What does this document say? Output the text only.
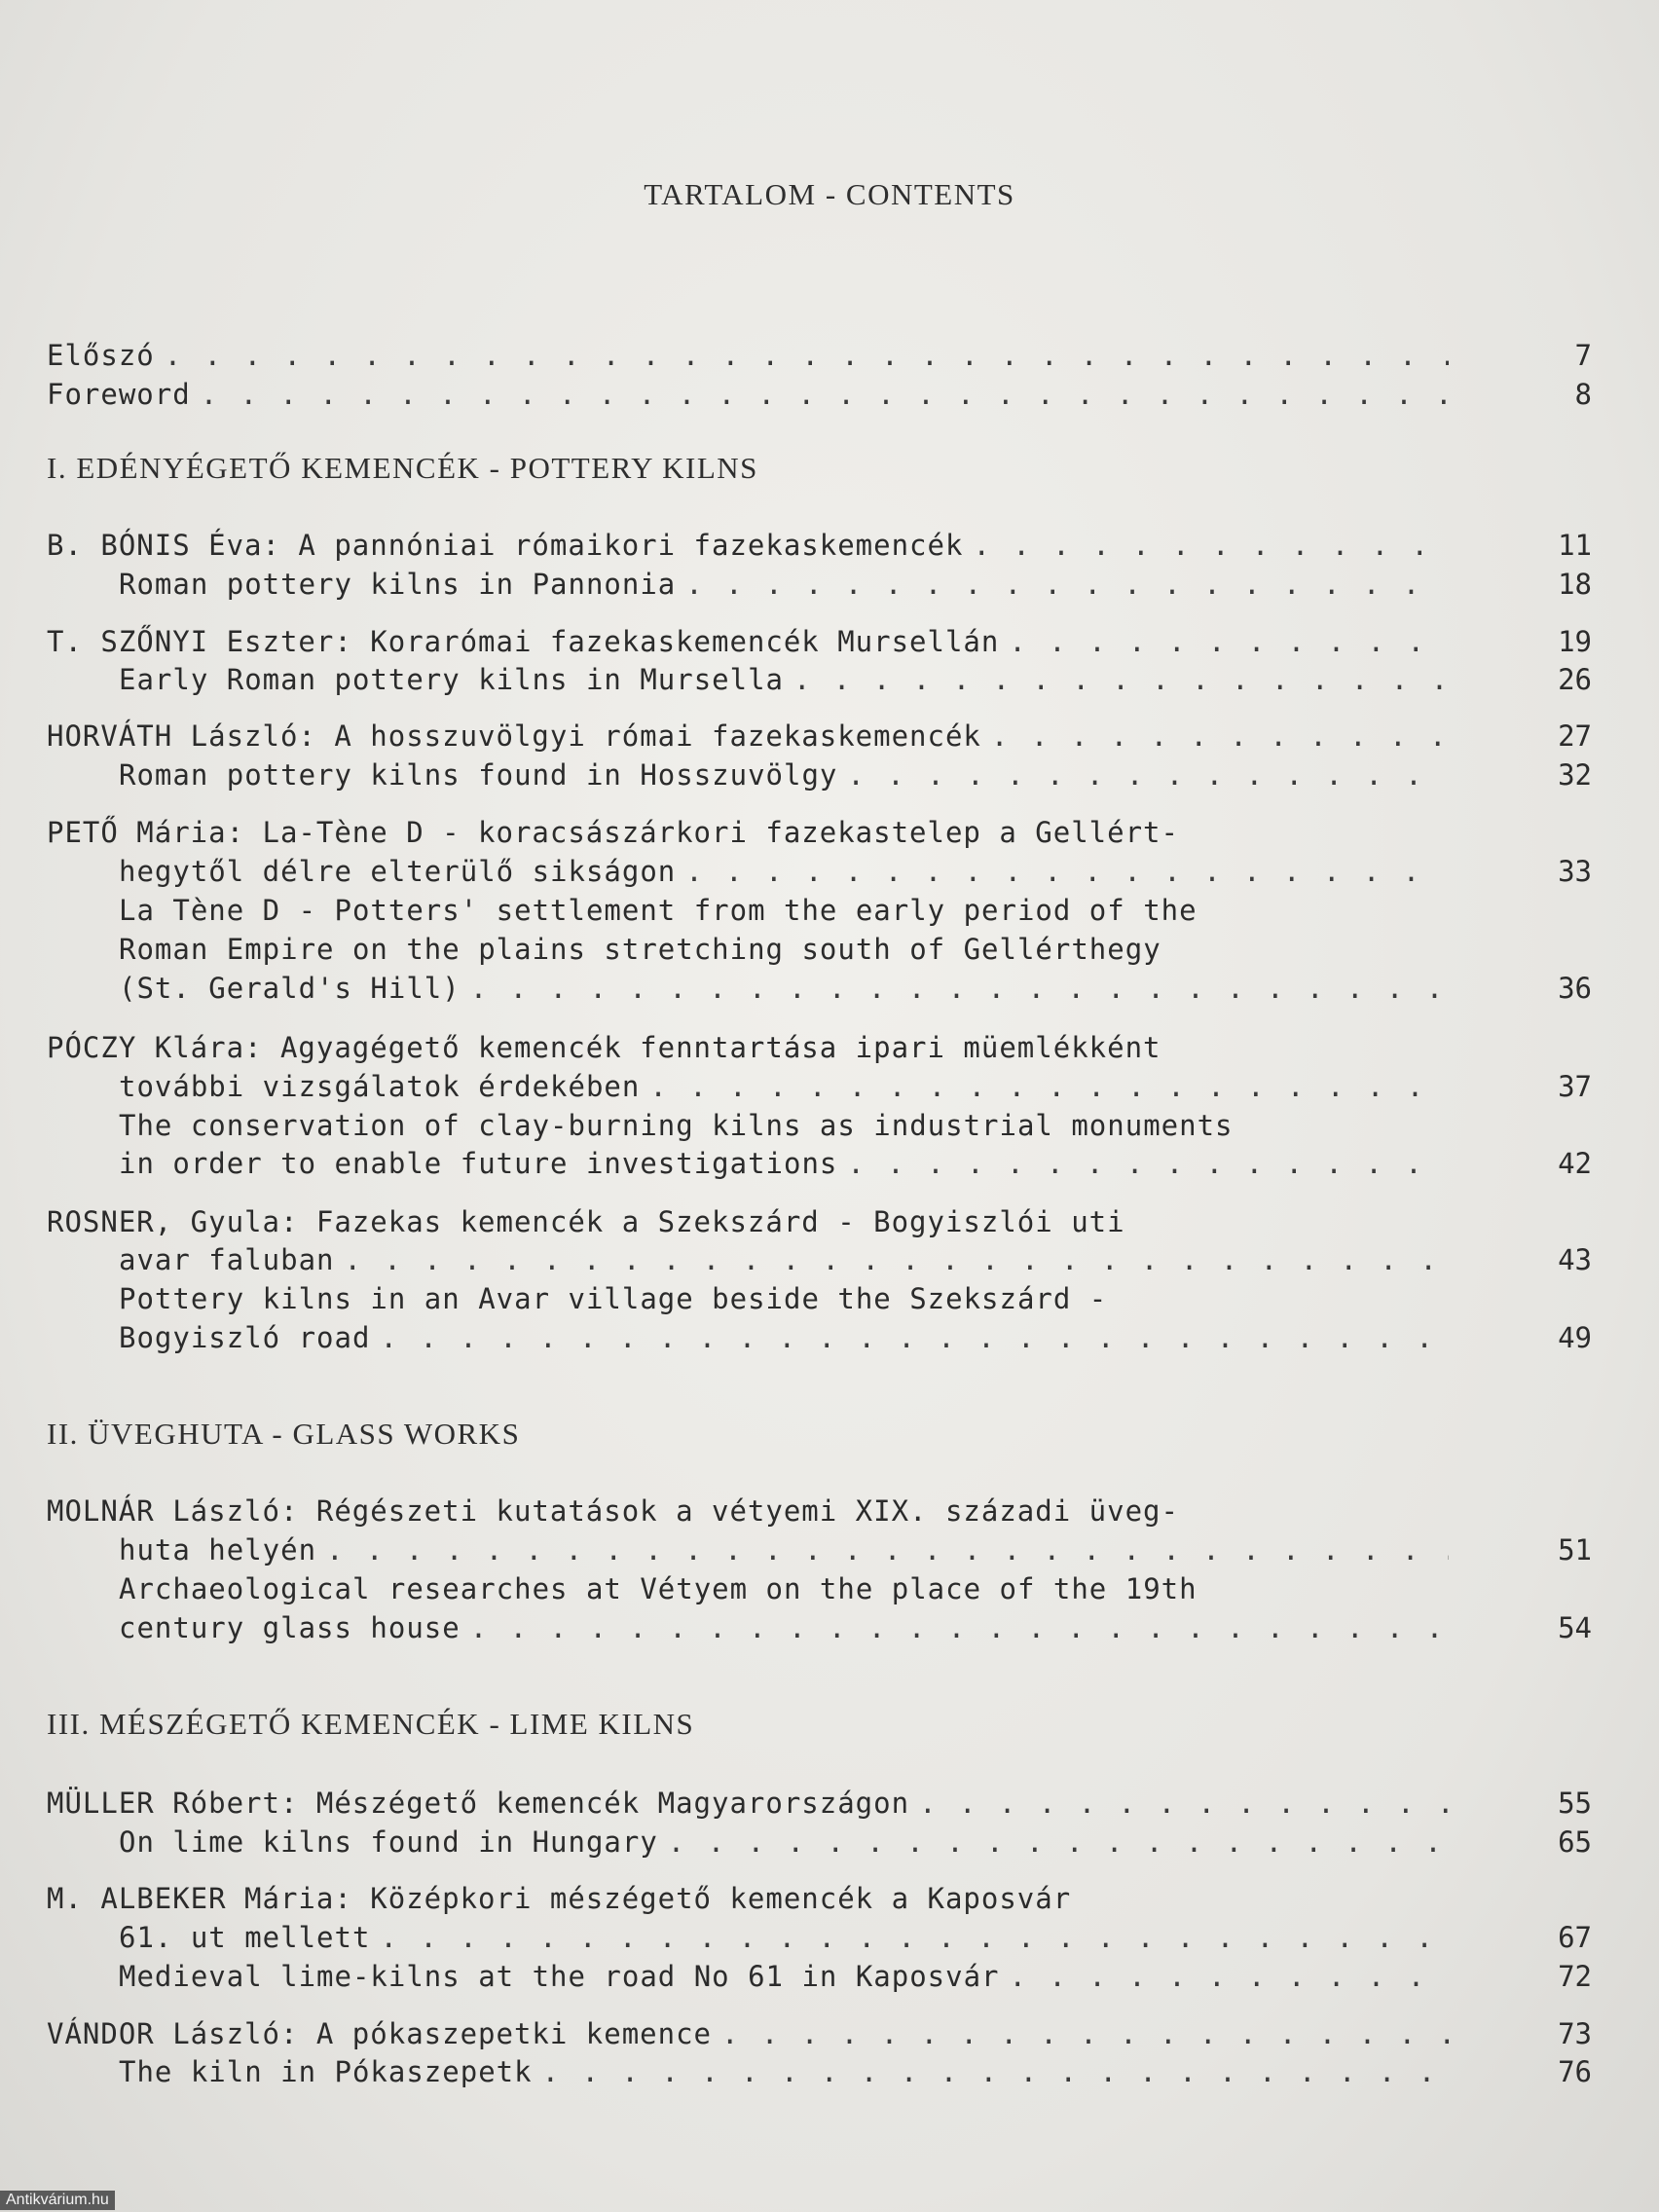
TARTALOM - CONTENTS
Előszó . . .	7
Foreword . . .	8
I. EDÉNYÉGETŐ KEMENCÉK - POTTERY KILNS
B. BÓNIS Éva: A pannóniai rómaikori fazekaskemencék . . .	11
Roman pottery kilns in Pannonia . . .	18
T. SZŐNYI Eszter: Korarómai fazekaskemencék Mursellán . . .	19
Early Roman pottery kilns in Mursella . . .	26
HORVÁTH László: A hosszuvölgyi római fazekaskemencék . . .	27
Roman pottery kilns found in Hosszuvölgy . . .	32
PETŐ Mária: La-Tène D - koracsászárkori fazekastelep a Gellért-
hegytől délre elterülő sikságon . . .	33
La Tène D - Potters' settlement from the early period of the
Roman Empire on the plains stretching south of Gellérthegy
(St. Gerald's Hill) . . .	36
PÓCZY Klára: Agyagégető kemencék fenntartása ipari müemlékként
további vizsgálatok érdekében . . .	37
The conservation of clay-burning kilns as industrial monuments
in order to enable future investigations . . .	42
ROSNER, Gyula: Fazekas kemencék a Szekszárd - Bogyiszlói uti
avar faluban . . .	43
Pottery kilns in an Avar village beside the Szekszárd -
Bogyiszló road . . .	49
II. ÜVEGHUTA - GLASS WORKS
MOLNÁR László: Régészeti kutatások a vétyemi XIX. századi üveg-
huta helyén . . .	51
Archaeological researches at Vétyem on the place of the 19th
century glass house . . .	54
III. MÉSZÉGETŐ KEMENCÉK - LIME KILNS
MÜLLER Róbert: Mészégető kemencék Magyarországon . . .	55
On lime kilns found in Hungary . . .	65
M. ALBEKER Mária: Középkori mészégető kemencék a Kaposvár
61. ut mellett . . .	67
Medieval lime-kilns at the road No 61 in Kaposvár . . .	72
VÁNDOR László: A pókaszepetki kemence . . .	73
The kiln in Pókaszepetk . . .	76
Antikvárium.hu
